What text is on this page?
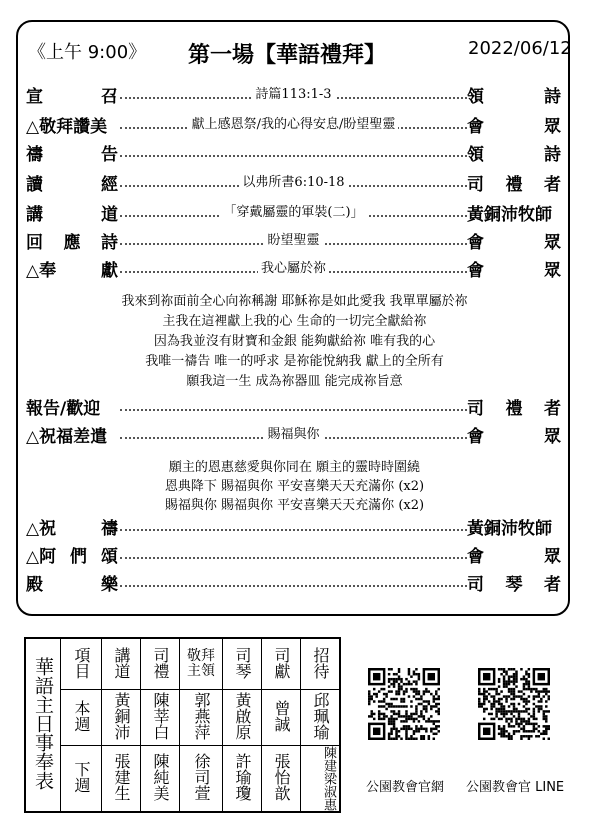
《上午 9:00》 第一場【華語禮拜】	2022/06/12
宣	召	詩篇113:1-3	領	詩
△敬拜讚美	獻上感恩祭/我的心得安息/盼望聖靈	會	眾
禱	告	領	詩
讀	經	以弗所書6:10-18	司 禮 者
講	道	「穿戴屬靈的軍裝(二)」	黃銅沛牧師
回 應 詩	盼望聖靈	會	眾
△奉	獻	我心屬於祢	會	眾
報告/歡迎	司 禮 者
△祝福差遣	賜福與你	會	眾
△祝	禱	黃銅沛牧師
△阿 們 頌	會	眾
殿	樂	司 琴 者
我來到祢面前全心向祢稱謝 耶穌祢是如此愛我 我單單屬於祢
主我在這裡獻上我的心 生命的一切完全獻給祢
因為我並沒有財寶和金銀 能夠獻給祢 唯有我的心
我唯一禱告 唯一的呼求 是祢能悅納我 獻上的全所有
願我這一生 成為祢器皿 能完成祢旨意
願主的恩惠慈愛與你同在 願主的靈時時圍繞
恩典降下 賜福與你 平安喜樂天天充滿你 (x2)
賜福與你 賜福與你 平安喜樂天天充滿你 (x2)
華語主日事奉表	項目	講道	司禮	敬拜主領	司琴	司獻	招待
	本週	黃銅沛	陳莘白	郭燕萍	黃啟原	曾誠	邱珮瑜
	下週	張建生	陳純美	徐司萱	許瑜瓊	張怡歆	陳建梁淑惠 公園教會官網 公園教會官 LINE
